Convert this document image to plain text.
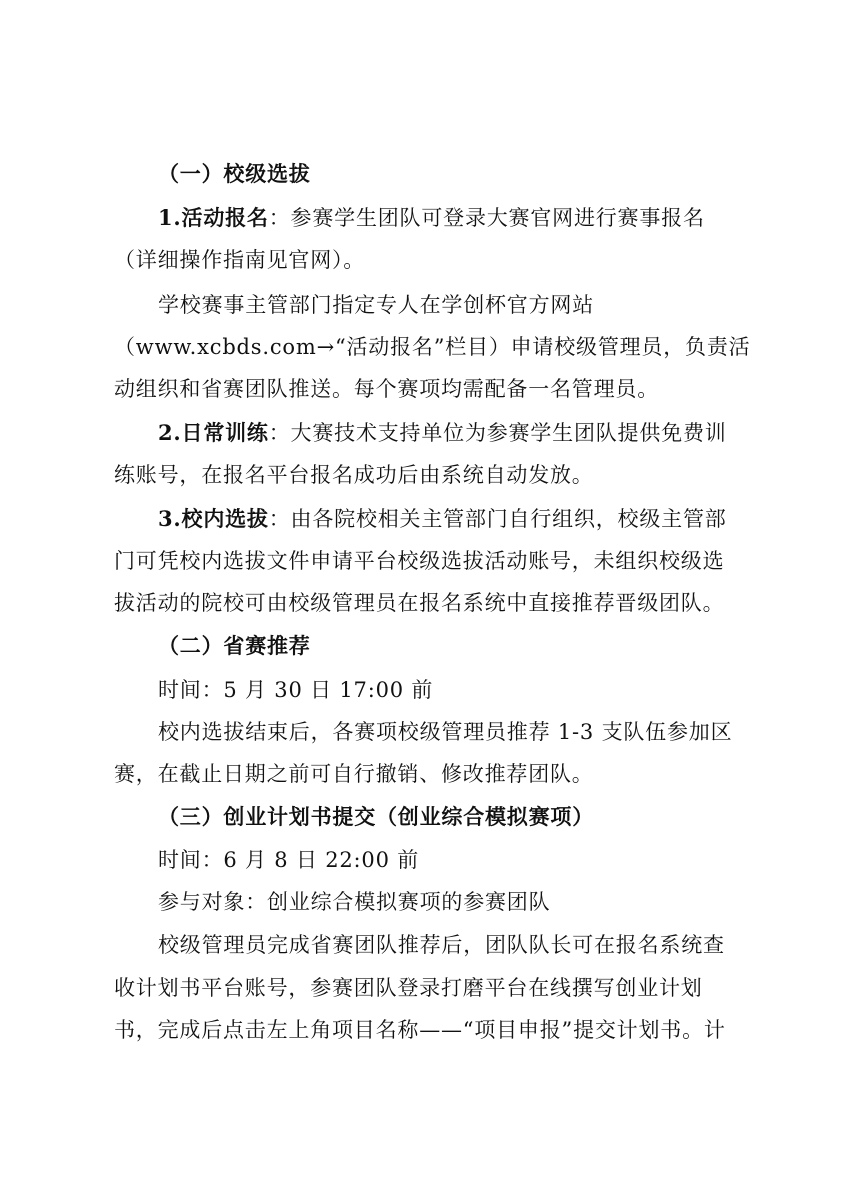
（一）校级选拔
1.活动报名：参赛学生团队可登录大赛官网进行赛事报名
（详细操作指南见官网）。
学校赛事主管部门指定专人在学创杯官方网站
（www.xcbds.com→“活动报名”栏目）申请校级管理员，负责活
动组织和省赛团队推送。每个赛项均需配备一名管理员。
2.日常训练：大赛技术支持单位为参赛学生团队提供免费训
练账号，在报名平台报名成功后由系统自动发放。
3.校内选拔：由各院校相关主管部门自行组织，校级主管部
门可凭校内选拔文件申请平台校级选拔活动账号，未组织校级选
拔活动的院校可由校级管理员在报名系统中直接推荐晋级团队。
（二）省赛推荐
时间：5 月 30 日 17:00 前
校内选拔结束后，各赛项校级管理员推荐 1-3 支队伍参加区
赛，在截止日期之前可自行撤销、修改推荐团队。
（三）创业计划书提交（创业综合模拟赛项）
时间：6 月 8 日 22:00 前
参与对象：创业综合模拟赛项的参赛团队
校级管理员完成省赛团队推荐后，团队队长可在报名系统查
收计划书平台账号，参赛团队登录打磨平台在线撰写创业计划
书，完成后点击左上角项目名称——“项目申报”提交计划书。计
